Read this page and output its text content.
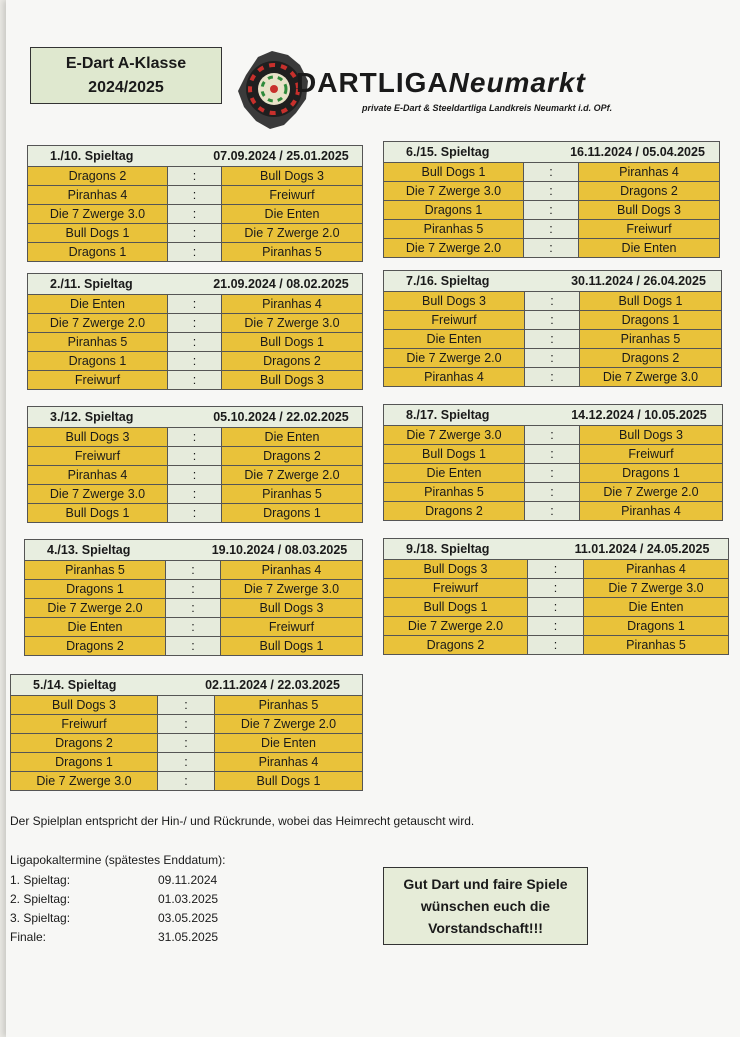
E-Dart A-Klasse
2024/2025	DARTLIGANeumarkt
private E-Dart & Steeldartliga Landkreis Neumarkt i.d. OPf.
1./10. Spieltag	07.09.2024 / 25.01.2025
Dragons 2	:	Bull Dogs 3
Piranhas 4	:	Freiwurf
Die 7 Zwerge 3.0	:	Die Enten
Bull Dogs 1	:	Die 7 Zwerge 2.0
Dragons 1	:	Piranhas 5
6./15. Spieltag	16.11.2024 / 05.04.2025
Bull Dogs 1	:	Piranhas 4
Die 7 Zwerge 3.0	:	Dragons 2
Dragons 1	:	Bull Dogs 3
Piranhas 5	:	Freiwurf
Die 7 Zwerge 2.0	:	Die Enten
2./11. Spieltag	21.09.2024 / 08.02.2025
Die Enten	:	Piranhas 4
Die 7 Zwerge 2.0	:	Die 7 Zwerge 3.0
Piranhas 5	:	Bull Dogs 1
Dragons 1	:	Dragons 2
Freiwurf	:	Bull Dogs 3
7./16. Spieltag	30.11.2024 / 26.04.2025
Bull Dogs 3	:	Bull Dogs 1
Freiwurf	:	Dragons 1
Die Enten	:	Piranhas 5
Die 7 Zwerge 2.0	:	Dragons 2
Piranhas 4	:	Die 7 Zwerge 3.0
3./12. Spieltag	05.10.2024 / 22.02.2025
Bull Dogs 3	:	Die Enten
Freiwurf	:	Dragons 2
Piranhas 4	:	Die 7 Zwerge 2.0
Die 7 Zwerge 3.0	:	Piranhas 5
Bull Dogs 1	:	Dragons 1
8./17. Spieltag	14.12.2024 / 10.05.2025
Die 7 Zwerge 3.0	:	Bull Dogs 3
Bull Dogs 1	:	Freiwurf
Die Enten	:	Dragons 1
Piranhas 5	:	Die 7 Zwerge 2.0
Dragons 2	:	Piranhas 4
4./13. Spieltag	19.10.2024 / 08.03.2025
Piranhas 5	:	Piranhas 4
Dragons 1	:	Die 7 Zwerge 3.0
Die 7 Zwerge 2.0	:	Bull Dogs 3
Die Enten	:	Freiwurf
Dragons 2	:	Bull Dogs 1
9./18. Spieltag	11.01.2024 / 24.05.2025
Bull Dogs 3	:	Piranhas 4
Freiwurf	:	Die 7 Zwerge 3.0
Bull Dogs 1	:	Die Enten
Die 7 Zwerge 2.0	:	Dragons 1
Dragons 2	:	Piranhas 5
5./14. Spieltag	02.11.2024 / 22.03.2025
Bull Dogs 3	:	Piranhas 5
Freiwurf	:	Die 7 Zwerge 2.0
Dragons 2	:	Die Enten
Dragons 1	:	Piranhas 4
Die 7 Zwerge 3.0	:	Bull Dogs 1
Der Spielplan entspricht der Hin-/ und Rückrunde, wobei das Heimrecht getauscht wird.
Ligapokaltermine (spätestes Enddatum):
1. Spieltag:	09.11.2024
2. Spieltag:	01.03.2025
3. Spieltag:	03.05.2025
Finale:	31.05.2025
Gut Dart und faire Spiele
wünschen euch die
Vorstandschaft!!!
